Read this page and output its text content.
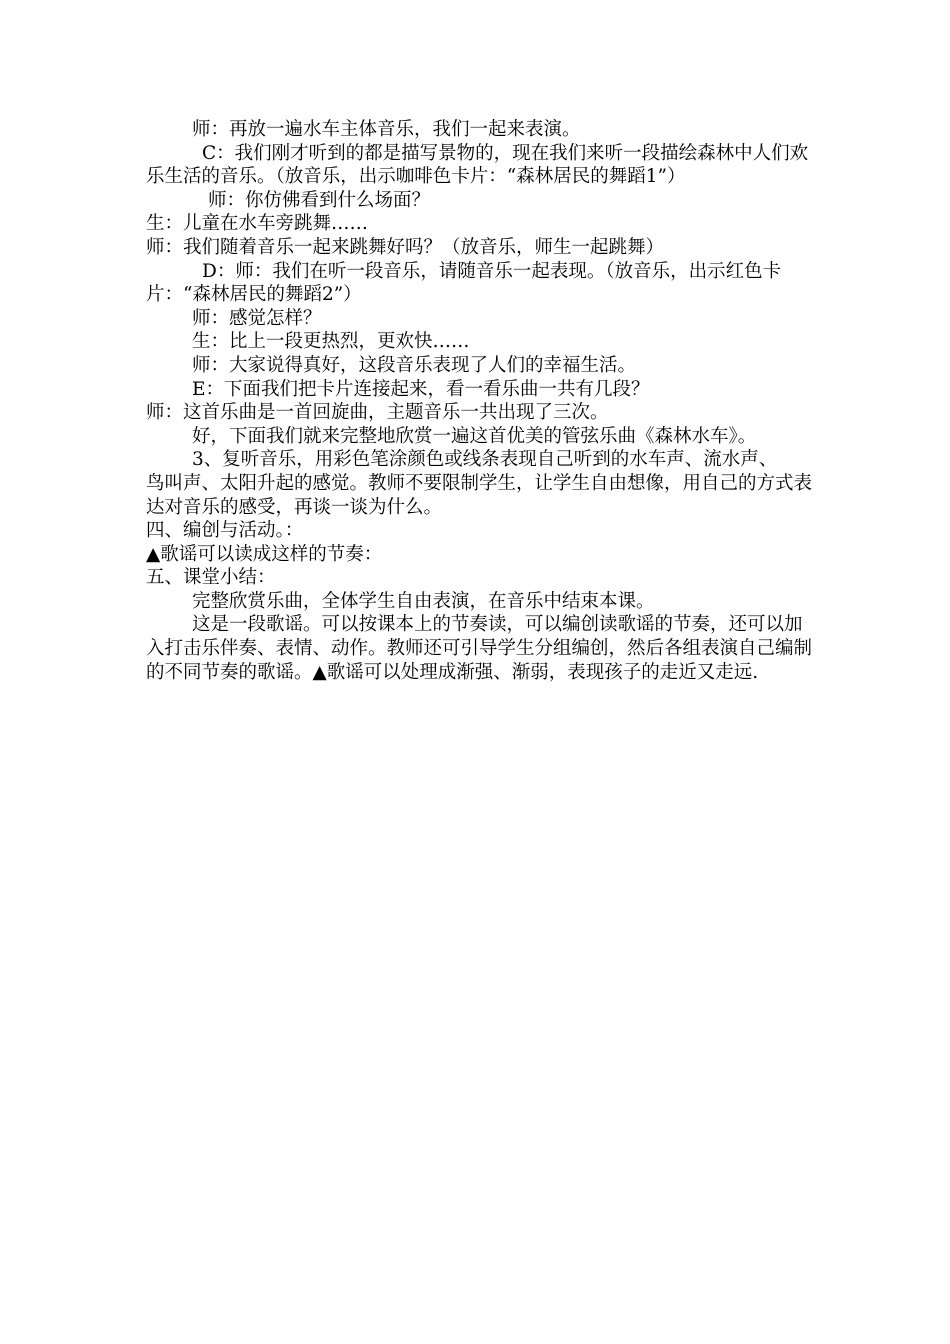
师：再放一遍水车主体音乐，我们一起来表演。

C：我们刚才听到的都是描写景物的，现在我们来听一段描绘森林中人们欢乐生活的音乐。（放音乐，出示咖啡色卡片：“森林居民的舞蹈1”）

师：你仿佛看到什么场面？

生：儿童在水车旁跳舞……

师：我们随着音乐一起来跳舞好吗？（放音乐，师生一起跳舞）

D：师：我们在听一段音乐，请随音乐一起表现。（放音乐，出示红色卡片：“森林居民的舞蹈2”）

师：感觉怎样？

生：比上一段更热烈，更欢快……

师：大家说得真好，这段音乐表现了人们的幸福生活。

E：下面我们把卡片连接起来，看一看乐曲一共有几段？

师：这首乐曲是一首回旋曲，主题音乐一共出现了三次。

好，下面我们就来完整地欣赏一遍这首优美的管弦乐曲《森林水车》。

3、复听音乐，用彩色笔涂颜色或线条表现自己听到的水车声、流水声、鸟叫声、太阳升起的感觉。教师不要限制学生，让学生自由想像，用自己的方式表达对音乐的感受，再谈一谈为什么。

四、编创与活动。：

▲歌谣可以读成这样的节奏：

五、课堂小结：

完整欣赏乐曲，全体学生自由表演，在音乐中结束本课。

这是一段歌谣。可以按课本上的节奏读，可以编创读歌谣的节奏，还可以加入打击乐伴奏、表情、动作。教师还可引导学生分组编创，然后各组表演自己编制的不同节奏的歌谣。▲歌谣可以处理成渐强、渐弱，表现孩子的走近又走远.
